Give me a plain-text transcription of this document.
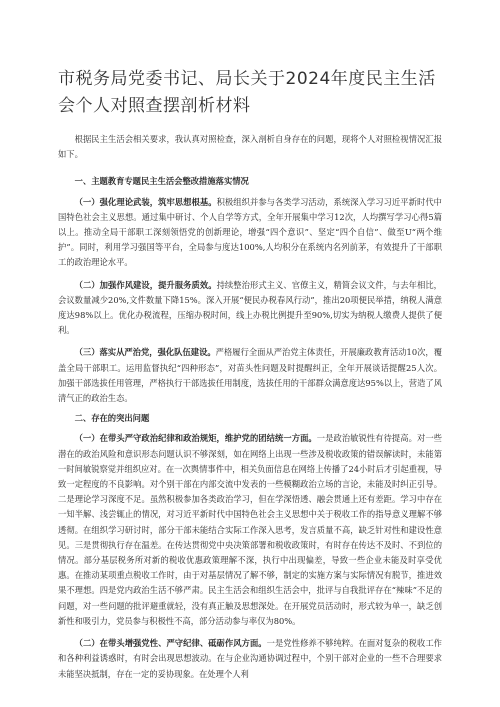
市税务局党委书记、局长关于2024年度民主生活会个人对照查摆剖析材料

根据民主生活会相关要求，我认真对照检查，深入剖析自身存在的问题，现将个人对照检视情况汇报如下。

一、主题教育专题民主生活会整改措施落实情况

（一）强化理论武装，筑牢思想根基。积极组织并参与各类学习活动，系统深入学习习近平新时代中国特色社会主义思想。通过集中研讨、个人自学等方式，全年开展集中学习12次，人均撰写学习心得5篇以上。推动全局干部职工深刻领悟党的创新理论，增强“四个意识”、坚定“四个自信”、做至U“两个维护”。同时，利用学习强国等平台，全局参与度达100%,人均积分在系统内名列前茅，有效提升了干部职工的政治理论水平。

（二）加强作风建设，提升服务质效。持续整治形式主义、官僚主义，精简会议文件，与去年相比，会议数量减少20%,文件数量下降15%。深入开展“便民办税春风行动”，推出20项便民举措，纳税人满意度达98%以上。优化办税流程，压缩办税时间，线上办税比例提升至90%,切实为纳税人缴费人提供了便利。

（三）落实从严治党，强化队伍建设。严格履行全面从严治党主体责任，开展廉政教育活动10次，覆盖全局干部职工。运用监督执纪“四种形态”，对苗头性问题及时提醒纠正，全年开展谈话提醒25人次。加强干部选拔任用管理，严格执行干部选拔任用制度，选拔任用的干部群众满意度达95%以上，营造了风清气正的政治生态。

二、存在的突出问题

（一）在带头严守政治纪律和政治规矩，维护党的团结统一方面。一是政治敏锐性有待提高。对一些潜在的政治风险和意识形态问题认识不够深刻，如在网络上出现一些涉及税收政策的错误解读时，未能第一时间敏锐察觉并组织应对。在一次舆情事件中，相关负面信息在网络上传播了24小时后才引起重视，导致一定程度的不良影响。对个别干部在内部交流中发表的一些模糊政治立场的言论，未能及时纠正引导。二是理论学习深度不足。虽然积极参加各类政治学习，但在学深悟透、融会贯通上还有差距。学习中存在一知半解、浅尝辄止的情况，对习近平新时代中国特色社会主义思想中关于税收工作的指导意义理解不够透彻。在组织学习研讨时，部分干部未能结合实际工作深入思考，发言质量不高，缺乏针对性和建设性意见。三是贯彻执行存在温差。在传达贯彻党中央决策部署和税收政策时，有时存在传达不及时、不到位的情况。部分基层税务所对新的税收优惠政策理解不深，执行中出现偏差，导致一些企业未能及时享受优惠。在推动某项重点税收工作时，由于对基层情况了解不够，制定的实施方案与实际情况有脱节，推进效果不理想。四是党内政治生活不够严肃。民主生活会和组织生活会中，批评与自我批评存在“辣味”不足的问题，对一些问题的批评避重就轻，没有真正触及思想深处。在开展党员活动时，形式较为单一，缺乏创新性和吸引力，党员参与积极性不高，部分活动参与率仅为80%。

（二）在带头增强党性、严守纪律、砥砺作风方面。一是党性修养不够纯粹。在面对复杂的税收工作和各种利益诱惑时，有时会出现思想波动。在与企业沟通协调过程中，个别干部对企业的一些不合理要求未能坚决抵制，存在一定的妥协现象。在处理个人利
